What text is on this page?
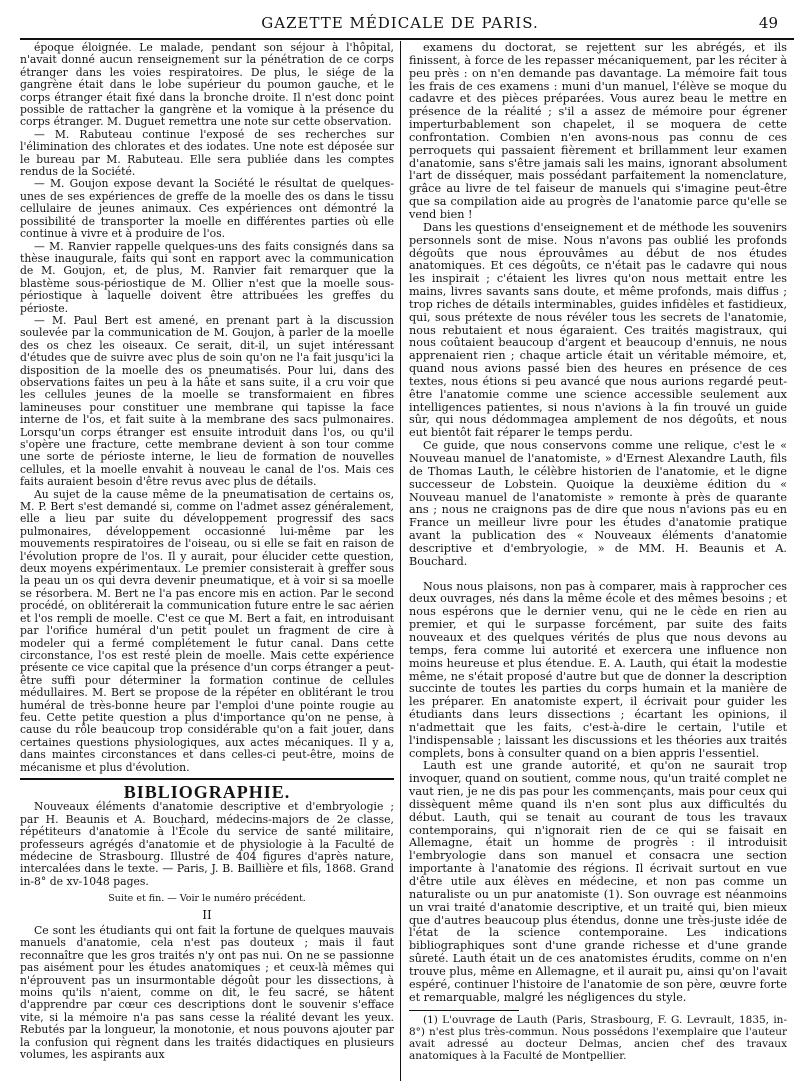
GAZETTE MÉDICALE DE PARIS.	49

époque éloignée. Le malade, pendant son séjour à l'hôpital, n'avait donné aucun renseignement sur la pénétration de ce corps étranger dans les voies respiratoires. De plus, le siége de la gangrène était dans le lobe supérieur du poumon gauche, et le corps étranger était fixé dans la bronche droite. Il n'est donc point possible de rattacher la gangrène et la vomique à la présence du corps étranger. M. Duguet remettra une note sur cette observation.

— M. Rabuteau continue l'exposé de ses recherches sur l'élimination des chlorates et des iodates. Une note est déposée sur le bureau par M. Rabuteau. Elle sera publiée dans les comptes rendus de la Société.

— M. Goujon expose devant la Société le résultat de quelques-unes de ses expériences de greffe de la moelle des os dans le tissu cellulaire de jeunes animaux. Ces expériences ont démontré la possibilité de transporter la moelle en différentes parties où elle continue à vivre et à produire de l'os.

— M. Ranvier rappelle quelques-uns des faits consignés dans sa thèse inaugurale, faits qui sont en rapport avec la communication de M. Goujon, et, de plus, M. Ranvier fait remarquer que la blastème sous-périostique de M. Ollier n'est que la moelle sous-périostique à laquelle doivent être attribuées les greffes du périoste.

— M. Paul Bert est amené, en prenant part à la discussion soulevée par la communication de M. Goujon, à parler de la moelle des os chez les oiseaux. Ce serait, dit-il, un sujet intéressant d'études que de suivre avec plus de soin qu'on ne l'a fait jusqu'ici la disposition de la moelle des os pneumatisés. Pour lui, dans des observations faites un peu à la hâte et sans suite, il a cru voir que les cellules jeunes de la moelle se transformaient en fibres lamineuses pour constituer une membrane qui tapisse la face interne de l'os, et fait suite à la membrane des sacs pulmonaires. Lorsqu'un corps étranger est ensuite introduit dans l'os, ou qu'il s'opère une fracture, cette membrane devient à son tour comme une sorte de périoste interne, le lieu de formation de nouvelles cellules, et la moelle envahit à nouveau le canal de l'os. Mais ces faits auraient besoin d'être revus avec plus de détails.

Au sujet de la cause même de la pneumatisation de certains os, M. P. Bert s'est demandé si, comme on l'admet assez généralement, elle a lieu par suite du développement progressif des sacs pulmonaires, développement occasionné lui-même par les mouvements respiratoires de l'oiseau, ou si elle se fait en raison de l'évolution propre de l'os. Il y aurait, pour élucider cette question, deux moyens expérimentaux. Le premier consisterait à greffer sous la peau un os qui devra devenir pneumatique, et à voir si sa moelle se résorbera. M. Bert ne l'a pas encore mis en action. Par le second procédé, on oblitérerait la communication future entre le sac aérien et l'os rempli de moelle. C'est ce que M. Bert a fait, en introduisant par l'orifice huméral d'un petit poulet un fragment de cire à modeler qui a fermé complétement le futur canal. Dans cette circonstance, l'os est resté plein de moelle. Mais cette expérience présente ce vice capital que la présence d'un corps étranger a peut-être suffi pour déterminer la formation continue de cellules médullaires. M. Bert se propose de la répéter en oblitérant le trou huméral de très-bonne heure par l'emploi d'une pointe rougie au feu. Cette petite question a plus d'importance qu'on ne pense, à cause du rôle beaucoup trop considérable qu'on a fait jouer, dans certaines questions physiologiques, aux actes mécaniques. Il y a, dans maintes circonstances et dans celles-ci peut-être, moins de mécanisme et plus d'évolution.

BIBLIOGRAPHIE.

Nouveaux éléments d'anatomie descriptive et d'embryologie ; par H. Beaunis et A. Bouchard, médecins-majors de 2e classe, répétiteurs d'anatomie à l'École du service de santé militaire, professeurs agrégés d'anatomie et de physiologie à la Faculté de médecine de Strasbourg. Illustré de 404 figures d'après nature, intercalées dans le texte. — Paris, J. B. Baillière et fils, 1868. Grand in-8° de xv-1048 pages.

Suite et fin. — Voir le numéro précédent.
II

Ce sont les étudiants qui ont fait la fortune de quelques mauvais manuels d'anatomie, cela n'est pas douteux ; mais il faut reconnaître que les gros traités n'y ont pas nui. On ne se passionne pas aisément pour les études anatomiques ; et ceux-là mêmes qui n'éprouvent pas un insurmontable dégoût pour les dissections, à moins qu'ils n'aient, comme on dit, le feu sacré, se hâtent d'apprendre par cœur ces descriptions dont le souvenir s'efface vite, si la mémoire n'a pas sans cesse la réalité devant les yeux. Rebutés par la longueur, la monotonie, et nous pouvons ajouter par la confusion qui règnent dans les traités didactiques en plusieurs volumes, les aspirants aux

examens du doctorat, se rejettent sur les abrégés, et ils finissent, à force de les repasser mécaniquement, par les réciter à peu près : on n'en demande pas davantage. La mémoire fait tous les frais de ces examens : muni d'un manuel, l'élève se moque du cadavre et des pièces préparées. Vous aurez beau le mettre en présence de la réalité ; s'il a assez de mémoire pour égrener imperturbablement son chapelet, il se moquera de cette confrontation. Combien n'en avons-nous pas connu de ces perroquets qui passaient fièrement et brillamment leur examen d'anatomie, sans s'être jamais sali les mains, ignorant absolument l'art de disséquer, mais possédant parfaitement la nomenclature, grâce au livre de tel faiseur de manuels qui s'imagine peut-être que sa compilation aide au progrès de l'anatomie parce qu'elle se vend bien !

Dans les questions d'enseignement et de méthode les souvenirs personnels sont de mise. Nous n'avons pas oublié les profonds dégoûts que nous éprouvâmes au début de nos études anatomiques. Et ces dégoûts, ce n'était pas le cadavre qui nous les inspirait ; c'étaient les livres qu'on nous mettait entre les mains, livres savants sans doute, et même profonds, mais diffus ; trop riches de détails interminables, guides infidèles et fastidieux, qui, sous prétexte de nous révéler tous les secrets de l'anatomie, nous rebutaient et nous égaraient. Ces traités magistraux, qui nous coûtaient beaucoup d'argent et beaucoup d'ennuis, ne nous apprenaient rien ; chaque article était un véritable mémoire, et, quand nous avions passé bien des heures en présence de ces textes, nous étions si peu avancé que nous aurions regardé peut-être l'anatomie comme une science accessible seulement aux intelligences patientes, si nous n'avions à la fin trouvé un guide sûr, qui nous dédommagea amplement de nos dégoûts, et nous eut bientôt fait réparer le temps perdu.

Ce guide, que nous conservons comme une relique, c'est le « Nouveau manuel de l'anatomiste, » d'Ernest Alexandre Lauth, fils de Thomas Lauth, le célèbre historien de l'anatomie, et le digne successeur de Lobstein. Quoique la deuxième édition du « Nouveau manuel de l'anatomiste » remonte à près de quarante ans ; nous ne craignons pas de dire que nous n'avions pas eu en France un meilleur livre pour les études d'anatomie pratique avant la publication des « Nouveaux éléments d'anatomie descriptive et d'embryologie, » de MM. H. Beaunis et A. Bouchard.

Nous nous plaisons, non pas à comparer, mais à rapprocher ces deux ouvrages, nés dans la même école et des mêmes besoins ; et nous espérons que le dernier venu, qui ne le cède en rien au premier, et qui le surpasse forcément, par suite des faits nouveaux et des quelques vérités de plus que nous devons au temps, fera comme lui autorité et exercera une influence non moins heureuse et plus étendue. E. A. Lauth, qui était la modestie même, ne s'était proposé d'autre but que de donner la description succinte de toutes les parties du corps humain et la manière de les préparer. En anatomiste expert, il écrivait pour guider les étudiants dans leurs dissections ; écartant les opinions, il n'admettait que les faits, c'est-à-dire le certain, l'utile et l'indispensable ; laissant les discussions et les théories aux traités complets, bons à consulter quand on a bien appris l'essentiel.

Lauth est une grande autorité, et qu'on ne saurait trop invoquer, quand on soutient, comme nous, qu'un traité complet ne vaut rien, je ne dis pas pour les commençants, mais pour ceux qui dissèquent même quand ils n'en sont plus aux difficultés du début. Lauth, qui se tenait au courant de tous les travaux contemporains, qui n'ignorait rien de ce qui se faisait en Allemagne, était un homme de progrès : il introduisit l'embryologie dans son manuel et consacra une section importante à l'anatomie des régions. Il écrivait surtout en vue d'être utile aux élèves en médecine, et non pas comme un naturaliste ou un pur anatomiste (1). Son ouvrage est néanmoins un vrai traité d'anatomie descriptive, et un traité qui, bien mieux que d'autres beaucoup plus étendus, donne une très-juste idée de l'état de la science contemporaine. Les indications bibliographiques sont d'une grande richesse et d'une grande sûreté. Lauth était un de ces anatomistes érudits, comme on n'en trouve plus, même en Allemagne, et il aurait pu, ainsi qu'on l'avait espéré, continuer l'histoire de l'anatomie de son père, œuvre forte et remarquable, malgré les négligences du style.

(1) L'ouvrage de Lauth (Paris, Strasbourg, F. G. Levrault, 1835, in-8°) n'est plus très-commun. Nous possédons l'exemplaire que l'auteur avait adressé au docteur Delmas, ancien chef des travaux anatomiques à la Faculté de Montpellier.
